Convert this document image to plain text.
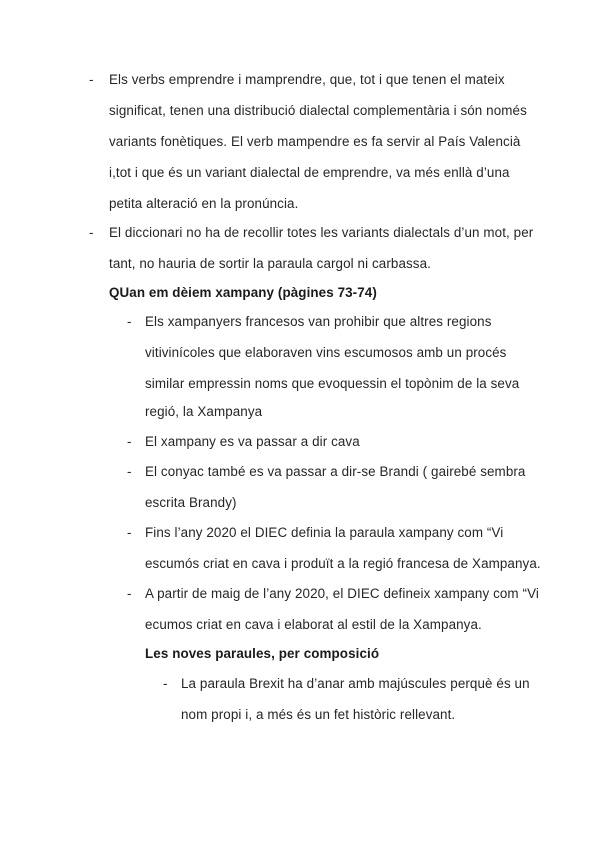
- Els verbs emprendre i mamprendre, que, tot i que tenen el mateix
significat, tenen una distribució dialectal complementària i són només
variants fonètiques. El verb mampendre es fa servir al País Valencià
i,tot i que és un variant dialectal de emprendre, va més enllà d’una
petita alteració en la pronúncia.
- El diccionari no ha de recollir totes les variants dialectals d’un mot, per
tant, no hauria de sortir la paraula cargol ni carbassa.
QUan em dèiem xampany (pàgines 73-74)
- Els xampanyers francesos van prohibir que altres regions
vitivinícoles que elaboraven vins escumosos amb un procés
similar empressin noms que evoquessin el topònim de la seva
regió, la Xampanya
- El xampany es va passar a dir cava
- El conyac també es va passar a dir-se Brandi ( gairebé sembra
escrita Brandy)
- Fins l’any 2020 el DIEC definia la paraula xampany com “Vi
escumós criat en cava i produït a la regió francesa de Xampanya.
- A partir de maig de l’any 2020, el DIEC defineix xampany com “Vi
ecumos criat en cava i elaborat al estil de la Xampanya.
Les noves paraules, per composició
- La paraula Brexit ha d’anar amb majúscules perquè és un
nom propi i, a més és un fet històric rellevant.
